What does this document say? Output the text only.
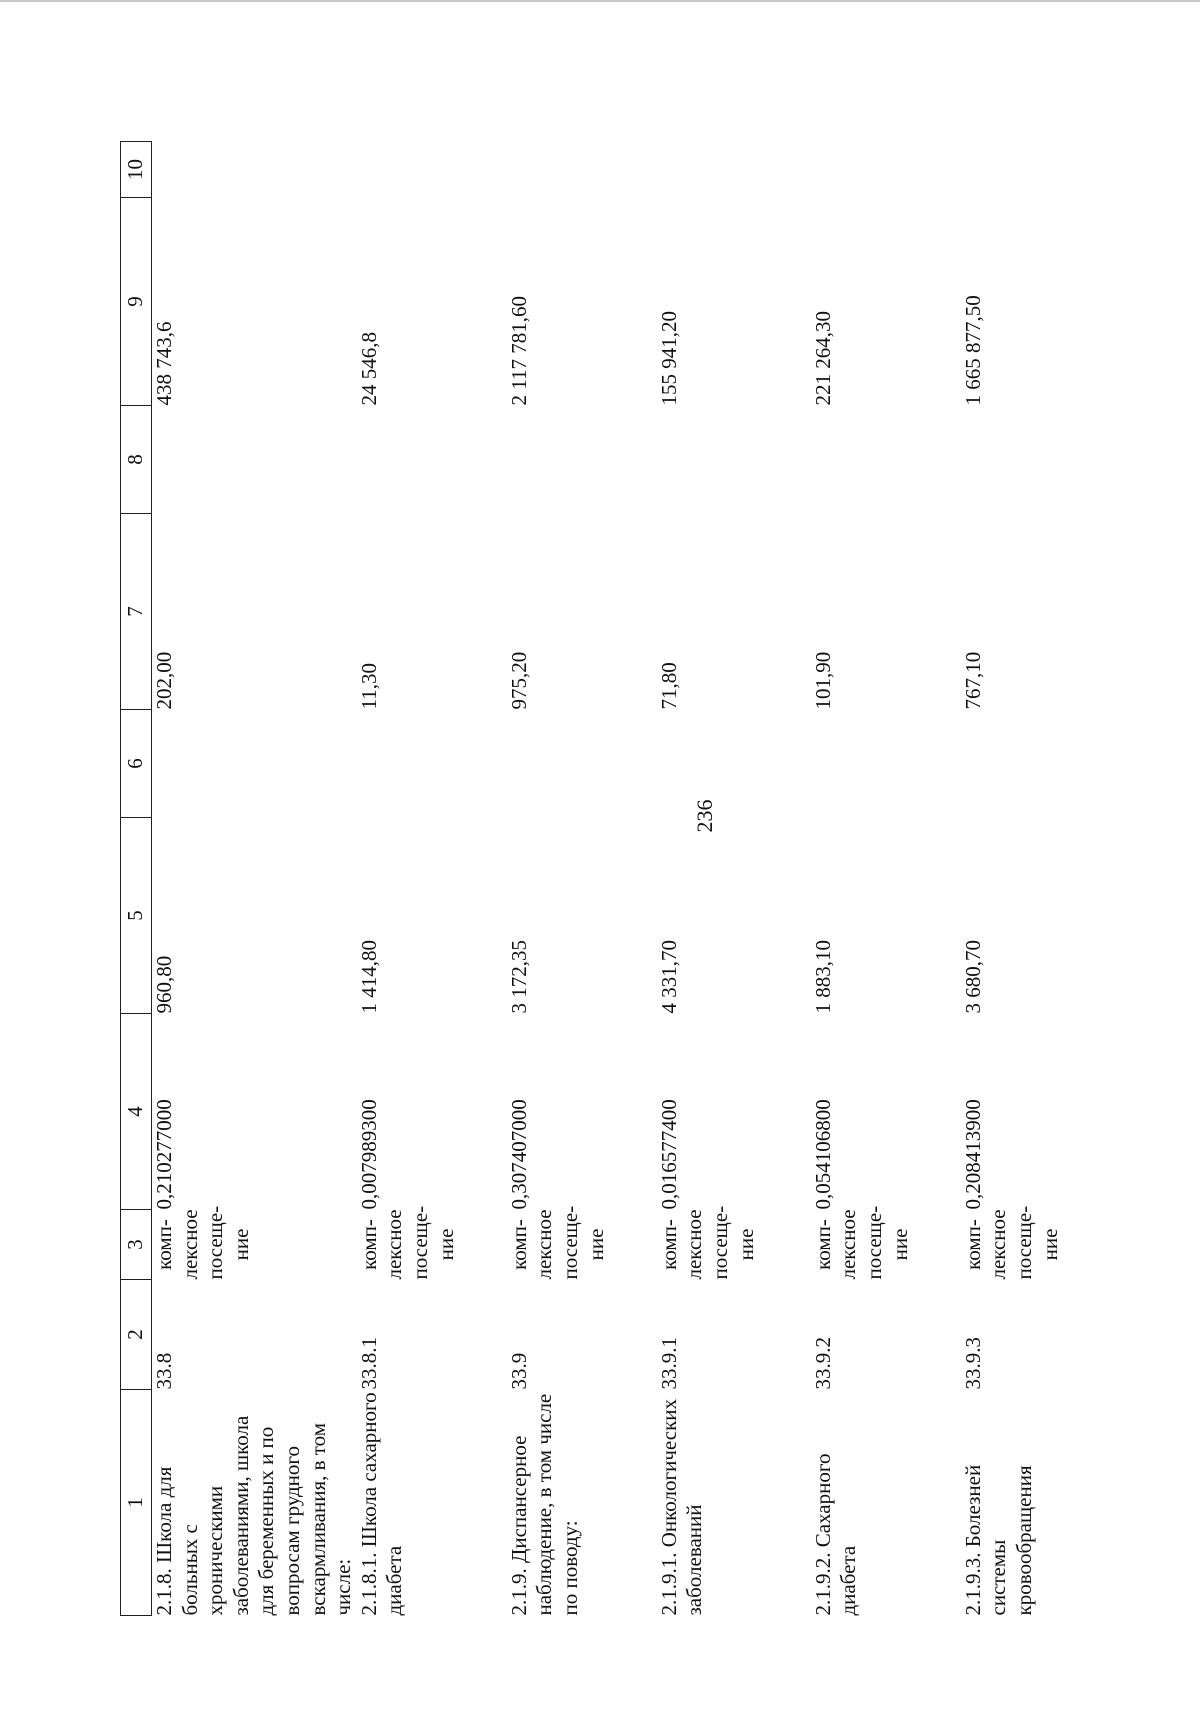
236
1	2	3	4	5	6	7	8	9	10
2.1.8. Школа для больных с хроническими заболеваниями, школа для беременных и по вопросам грудного вскармливания, в том числе:	33.8	комп-лексное посеще-ние	0,210277000	960,80		202,00		438 743,6	
2.1.8.1. Школа сахарного диабета	33.8.1	комп-лексное посеще-ние	0,007989300	1 414,80		11,30		24 546,8	
2.1.9. Диспансерное наблюдение, в том числе по поводу:	33.9	комп-лексное посеще-ние	0,307407000	3 172,35		975,20		2 117 781,60	
2.1.9.1. Онкологических заболеваний	33.9.1	комп-лексное посеще-ние	0,016577400	4 331,70		71,80		155 941,20	
2.1.9.2. Сахарного диабета	33.9.2	комп-лексное посеще-ние	0,054106800	1 883,10		101,90		221 264,30	
2.1.9.3. Болезней системы кровообращения	33.9.3	комп-лексное посеще-ние	0,208413900	3 680,70		767,10		1 665 877,50	
